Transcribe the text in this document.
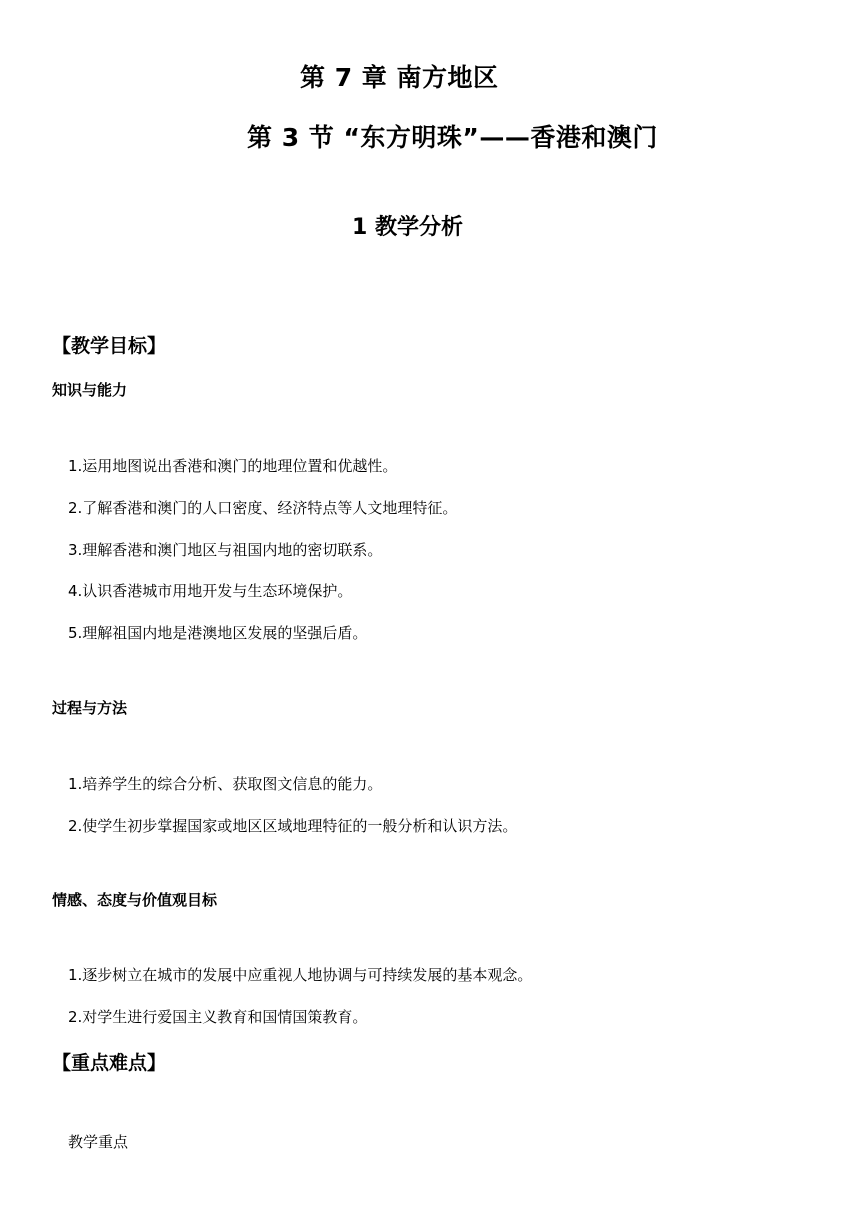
第 7 章 南方地区
第 3 节 “东方明珠”——香港和澳门
1 教学分析
【教学目标】
知识与能力
1.运用地图说出香港和澳门的地理位置和优越性。
2.了解香港和澳门的人口密度、经济特点等人文地理特征。
3.理解香港和澳门地区与祖国内地的密切联系。
4.认识香港城市用地开发与生态环境保护。
5.理解祖国内地是港澳地区发展的坚强后盾。
过程与方法
1.培养学生的综合分析、获取图文信息的能力。
2.使学生初步掌握国家或地区区域地理特征的一般分析和认识方法。
情感、态度与价值观目标
1.逐步树立在城市的发展中应重视人地协调与可持续发展的基本观念。
2.对学生进行爱国主义教育和国情国策教育。
【重点难点】
教学重点
